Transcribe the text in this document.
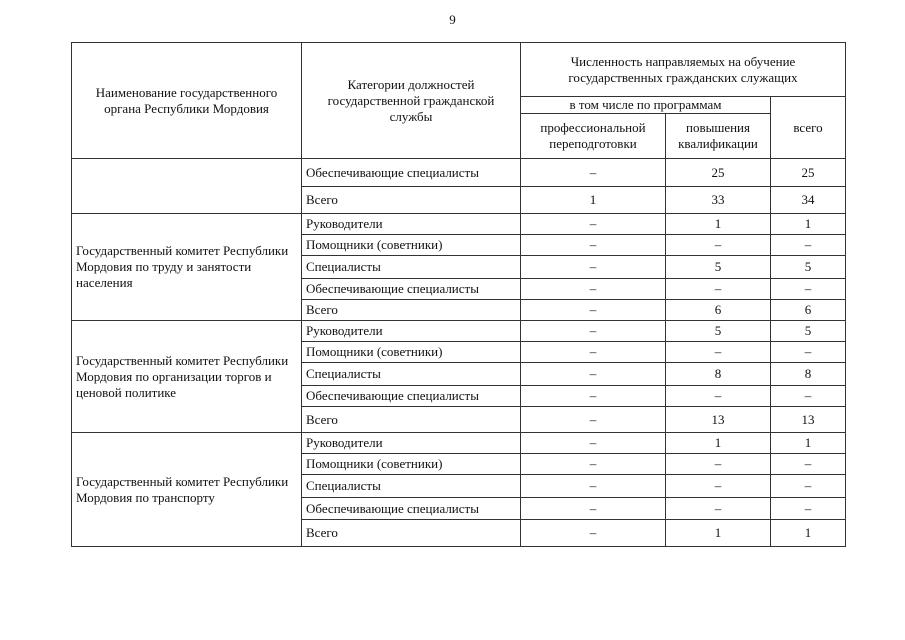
9
Наименование государственного органа Республики Мордовия	Категории должностей государственной гражданской службы	Численность направляемых на обучение государственных гражданских служащих		
		в том числе по программам		всего
		профессиональной переподготовки	повышения квалификации	
	Обеспечивающие специалисты	–	25	25
	Всего	1	33	34
Государственный комитет Республики Мордовия по труду и занятости населения	Руководители	–	1	1
	Помощники (советники)	–	–	–
	Специалисты	–	5	5
	Обеспечивающие специалисты	–	–	–
	Всего	–	6	6
Государственный комитет Республики Мордовия по организации торгов и ценовой политике	Руководители	–	5	5
	Помощники (советники)	–	–	–
	Специалисты	–	8	8
	Обеспечивающие специалисты	–	–	–
	Всего	–	13	13
Государственный комитет Республики Мордовия по транспорту	Руководители	–	1	1
	Помощники (советники)	–	–	–
	Специалисты	–	–	–
	Обеспечивающие специалисты	–	–	–
	Всего	–	1	1
